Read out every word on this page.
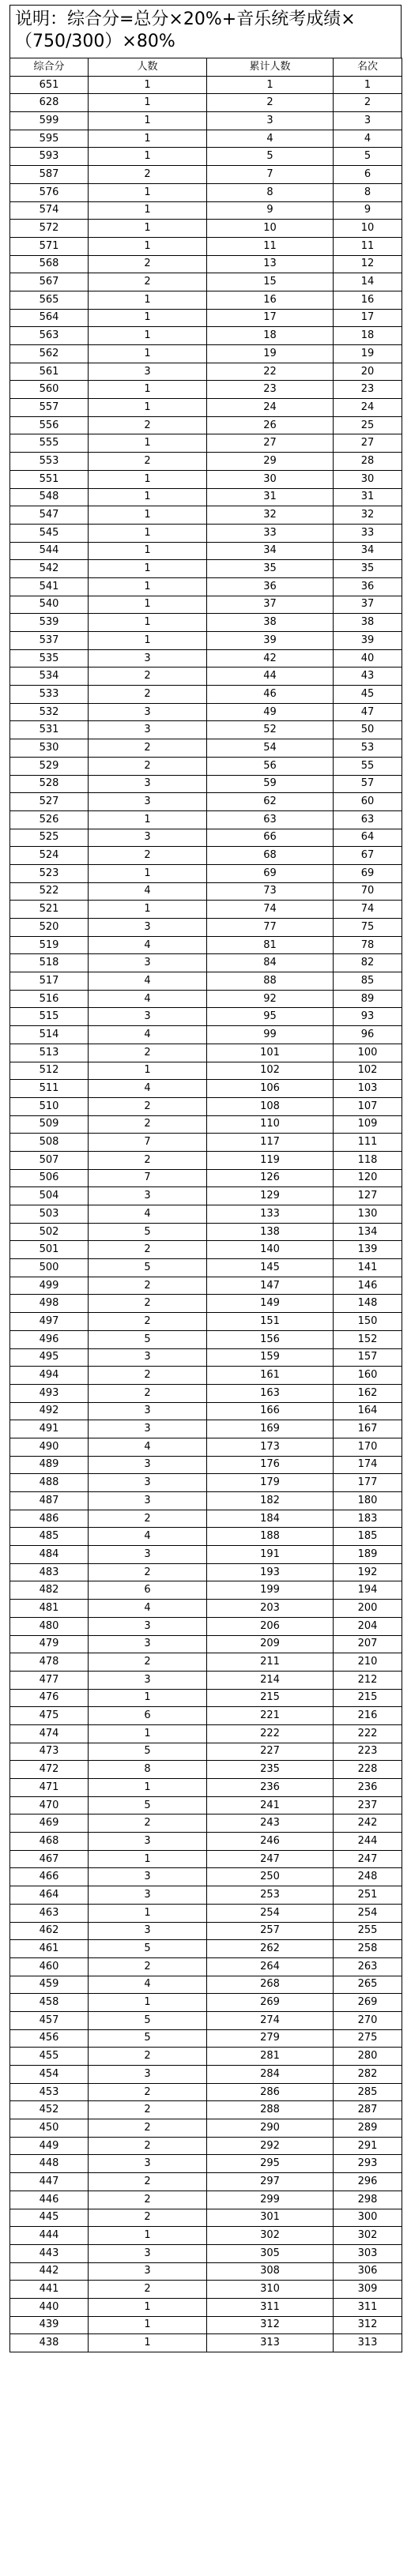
说明：综合分=总分×20%+音乐统考成绩×（750/300）×80%
综合分	人数	累计人数	名次
651	1	1	1
628	1	2	2
599	1	3	3
595	1	4	4
593	1	5	5
587	2	7	6
576	1	8	8
574	1	9	9
572	1	10	10
571	1	11	11
568	2	13	12
567	2	15	14
565	1	16	16
564	1	17	17
563	1	18	18
562	1	19	19
561	3	22	20
560	1	23	23
557	1	24	24
556	2	26	25
555	1	27	27
553	2	29	28
551	1	30	30
548	1	31	31
547	1	32	32
545	1	33	33
544	1	34	34
542	1	35	35
541	1	36	36
540	1	37	37
539	1	38	38
537	1	39	39
535	3	42	40
534	2	44	43
533	2	46	45
532	3	49	47
531	3	52	50
530	2	54	53
529	2	56	55
528	3	59	57
527	3	62	60
526	1	63	63
525	3	66	64
524	2	68	67
523	1	69	69
522	4	73	70
521	1	74	74
520	3	77	75
519	4	81	78
518	3	84	82
517	4	88	85
516	4	92	89
515	3	95	93
514	4	99	96
513	2	101	100
512	1	102	102
511	4	106	103
510	2	108	107
509	2	110	109
508	7	117	111
507	2	119	118
506	7	126	120
504	3	129	127
503	4	133	130
502	5	138	134
501	2	140	139
500	5	145	141
499	2	147	146
498	2	149	148
497	2	151	150
496	5	156	152
495	3	159	157
494	2	161	160
493	2	163	162
492	3	166	164
491	3	169	167
490	4	173	170
489	3	176	174
488	3	179	177
487	3	182	180
486	2	184	183
485	4	188	185
484	3	191	189
483	2	193	192
482	6	199	194
481	4	203	200
480	3	206	204
479	3	209	207
478	2	211	210
477	3	214	212
476	1	215	215
475	6	221	216
474	1	222	222
473	5	227	223
472	8	235	228
471	1	236	236
470	5	241	237
469	2	243	242
468	3	246	244
467	1	247	247
466	3	250	248
464	3	253	251
463	1	254	254
462	3	257	255
461	5	262	258
460	2	264	263
459	4	268	265
458	1	269	269
457	5	274	270
456	5	279	275
455	2	281	280
454	3	284	282
453	2	286	285
452	2	288	287
450	2	290	289
449	2	292	291
448	3	295	293
447	2	297	296
446	2	299	298
445	2	301	300
444	1	302	302
443	3	305	303
442	3	308	306
441	2	310	309
440	1	311	311
439	1	312	312
438	1	313	313
